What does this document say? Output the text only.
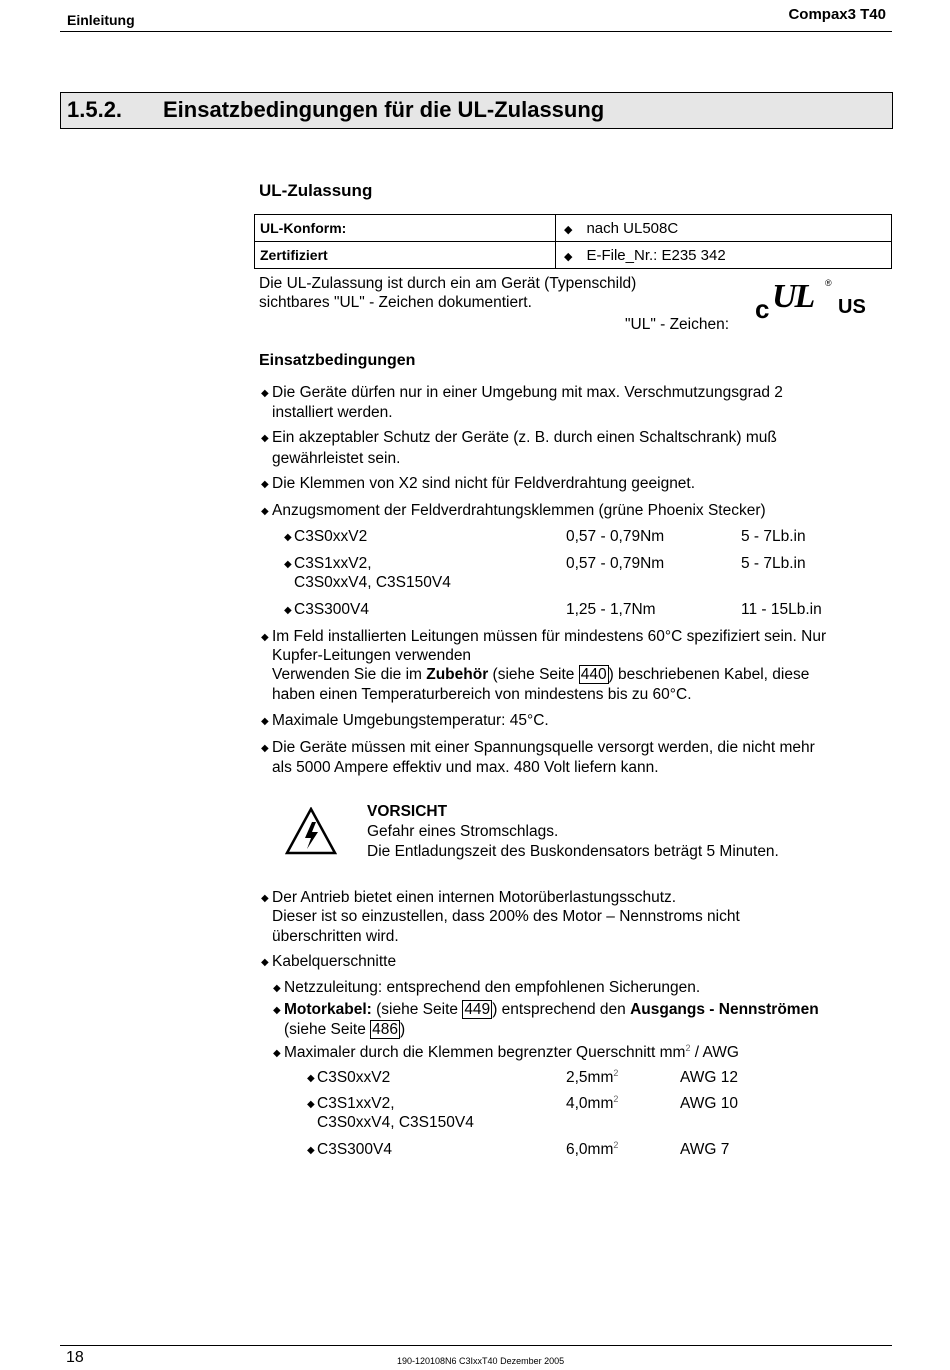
Einleitung	Compax3 T40
1.5.2. Einsatzbedingungen für die UL-Zulassung
UL-Zulassung
UL-Konform:	◆ nach UL508C
Zertifiziert	◆ E-File_Nr.: E235 342
Die UL-Zulassung ist durch ein am Gerät (Typenschild)
sichtbares "UL" - Zeichen dokumentiert.
"UL" - Zeichen:
c UL US
®
Einsatzbedingungen
◆ Die Geräte dürfen nur in einer Umgebung mit max. Verschmutzungsgrad 2
installiert werden.
◆ Ein akzeptabler Schutz der Geräte (z. B. durch einen Schaltschrank) muß
gewährleistet sein.
◆ Die Klemmen von X2 sind nicht für Feldverdrahtung geeignet.
◆ Anzugsmoment der Feldverdrahtungsklemmen (grüne Phoenix Stecker)
◆ C3S0xxV2	0,57 - 0,79Nm	5 - 7Lb.in
◆ C3S1xxV2,
C3S0xxV4, C3S150V4
0,57 - 0,79Nm	5 - 7Lb.in
◆ C3S300V4	1,25 - 1,7Nm	11 - 15Lb.in
◆ Im Feld installierten Leitungen müssen für mindestens 60°C spezifiziert sein. Nur
Kupfer-Leitungen verwenden
Verwenden Sie die im Zubehör (siehe Seite 440 ) beschriebenen Kabel, diese
haben einen Temperaturbereich von mindestens bis zu 60°C.
◆ Maximale Umgebungstemperatur: 45°C.
◆ Die Geräte müssen mit einer Spannungsquelle versorgt werden, die nicht mehr
als 5000 Ampere effektiv und max. 480 Volt liefern kann.
VORSICHT
Gefahr eines Stromschlags.
Die Entladungszeit des Buskondensators beträgt 5 Minuten.
◆ Der Antrieb bietet einen internen Motorüberlastungsschutz.
Dieser ist so einzustellen, dass 200% des Motor – Nennstroms nicht
überschritten wird.
◆ Kabelquerschnitte
◆ Netzzuleitung: entsprechend den empfohlenen Sicherungen.
◆ Motorkabel: (siehe Seite 449 ) entsprechend den Ausgangs - Nennströmen
(siehe Seite 486 )
◆ Maximaler durch die Klemmen begrenzter Querschnitt $mm^2$ / AWG
◆ C3S0xxV2	$2,5mm^2$	AWG 12
◆ C3S1xxV2,
C3S0xxV4, C3S150V4
$4,0mm^2$	AWG 10
◆ C3S300V4	$6,0mm^2$	AWG 7
18	190-120108N6 C3IxxT40 Dezember 2005
